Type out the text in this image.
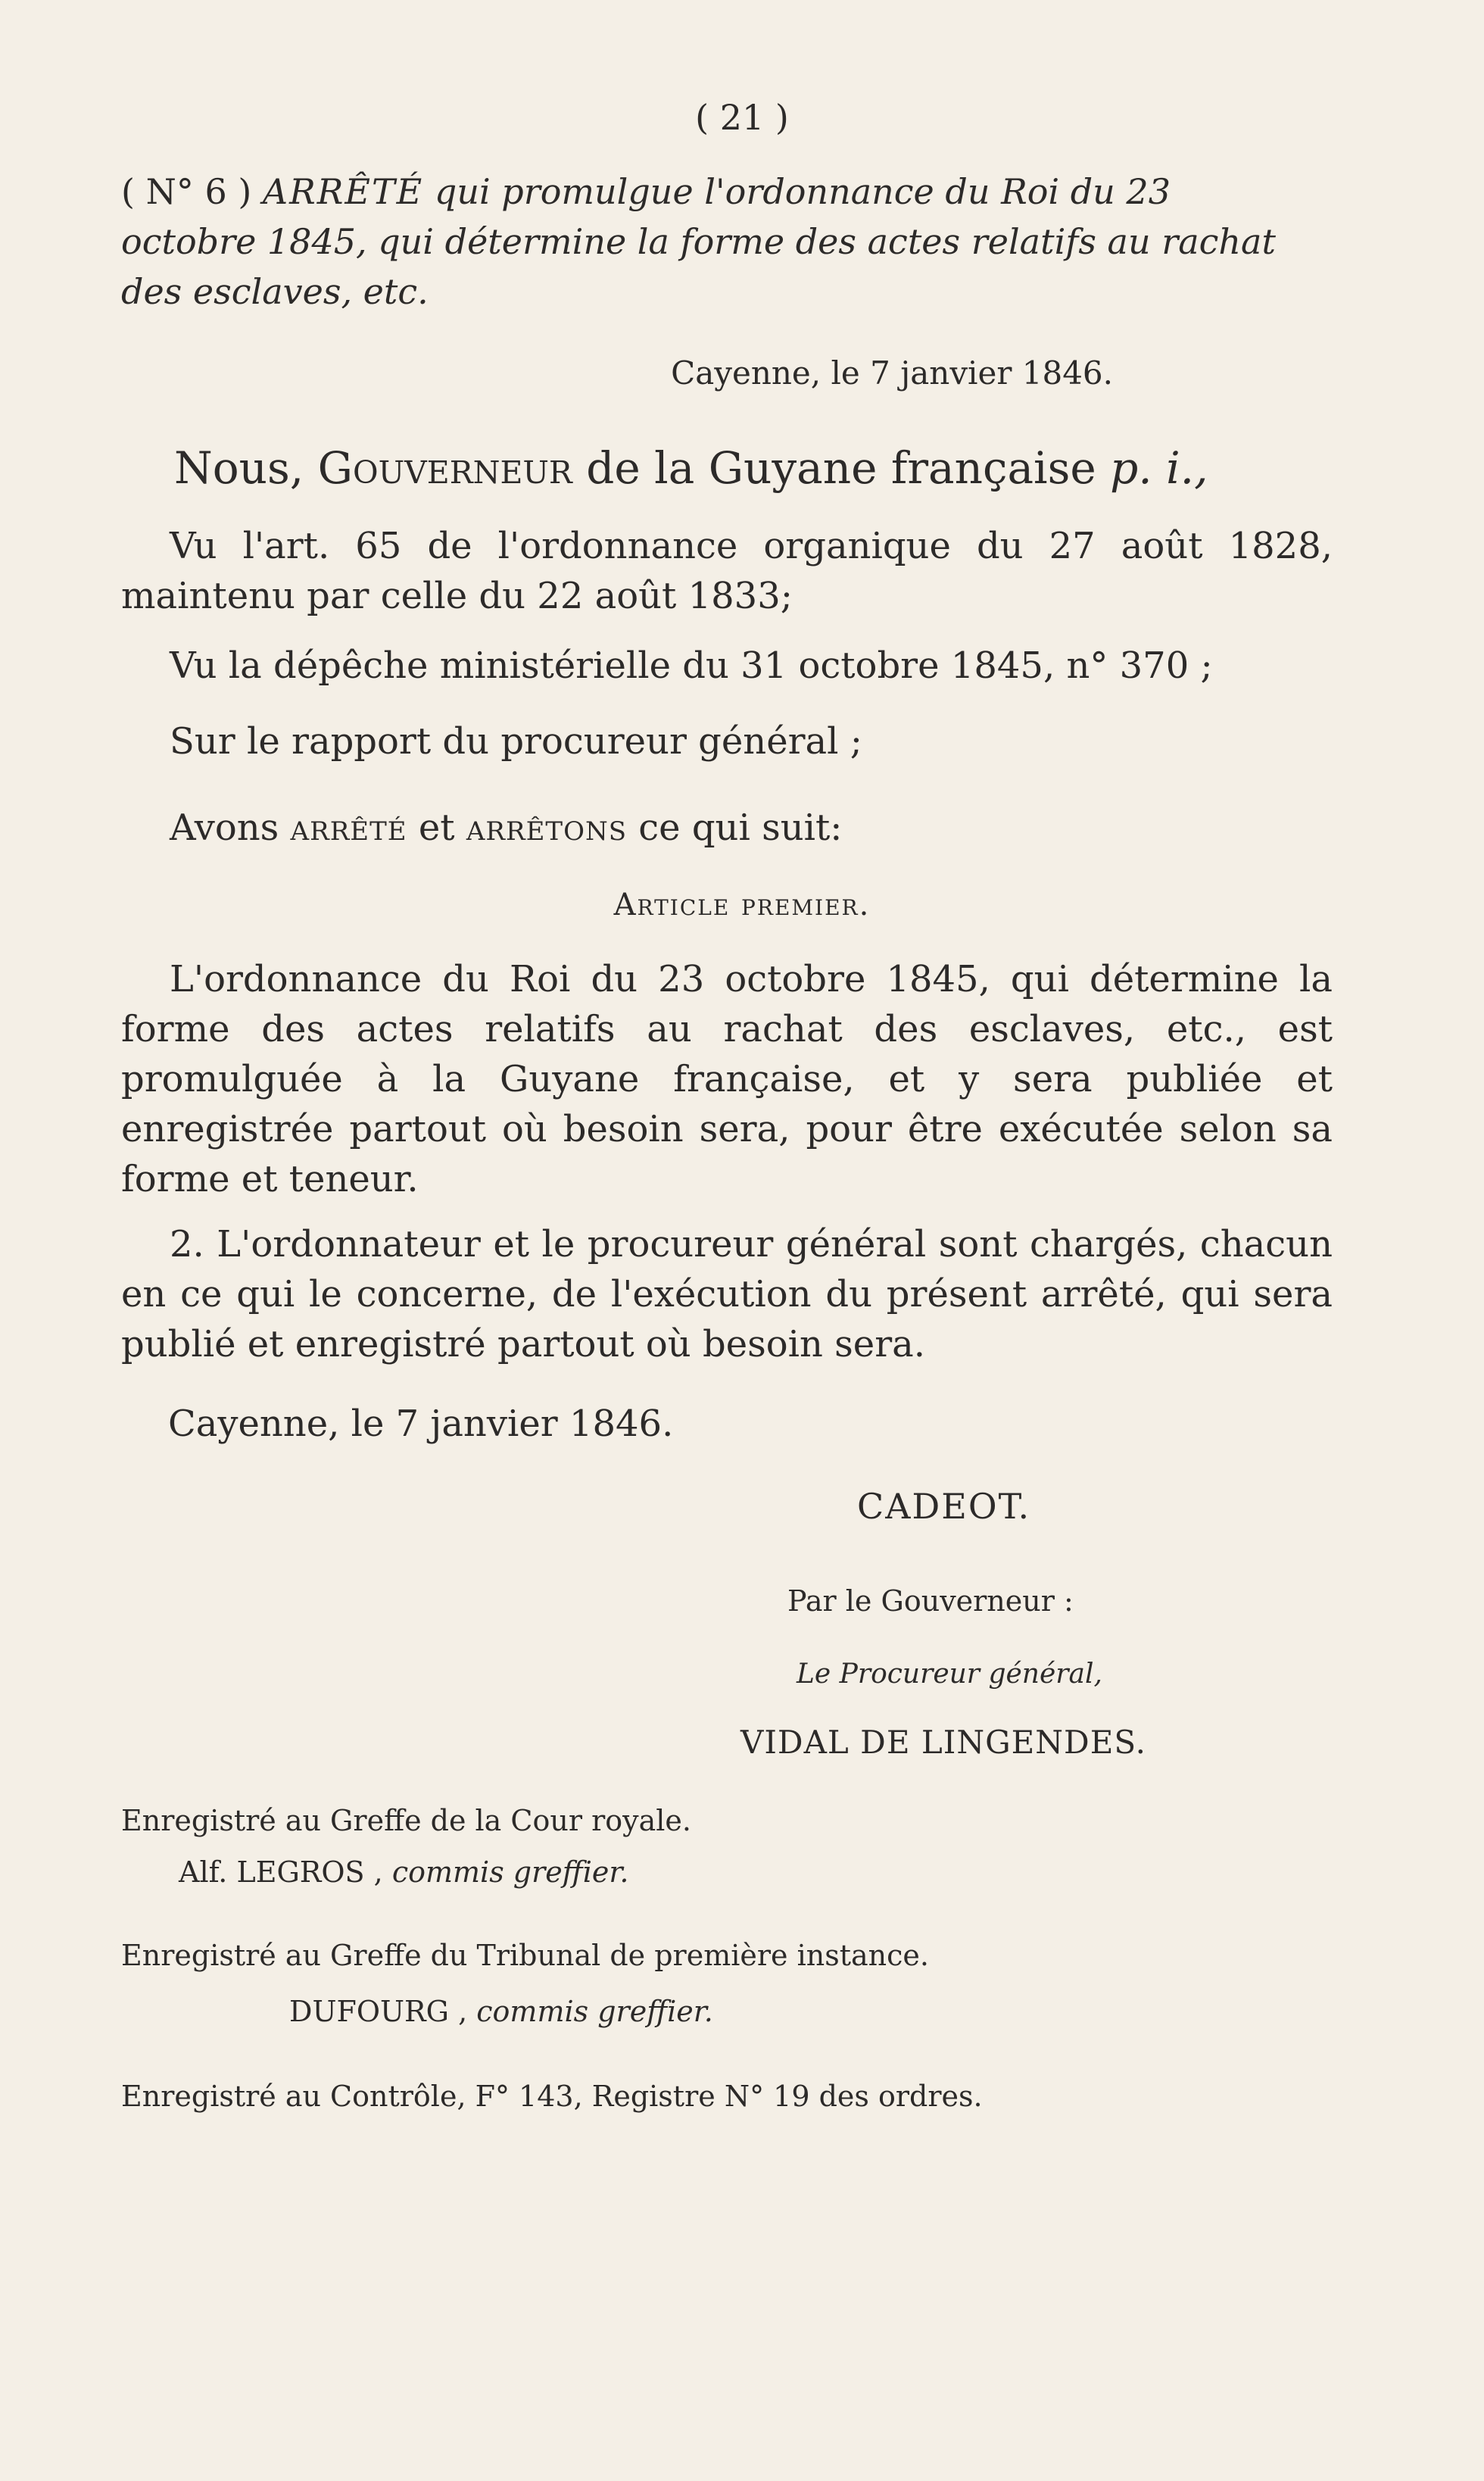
( 21 )
( N° 6 ) ARRÊTÉ qui promulgue l'ordonnance du Roi du 23 octobre 1845, qui détermine la forme des actes relatifs au rachat des esclaves, etc.
Cayenne, le 7 janvier 1846.
Nous, Gouverneur de la Guyane française p. i.,
Vu l'art. 65 de l'ordonnance organique du 27 août 1828, maintenu par celle du 22 août 1833;
Vu la dépêche ministérielle du 31 octobre 1845, n° 370 ;
Sur le rapport du procureur général ;
Avons arrêté et arrêtons ce qui suit:
Article premier.
L'ordonnance du Roi du 23 octobre 1845, qui détermine la forme des actes relatifs au rachat des esclaves, etc., est promulguée à la Guyane française, et y sera publiée et enregistrée partout où besoin sera, pour être exécutée selon sa forme et teneur.
2. L'ordonnateur et le procureur général sont chargés, chacun en ce qui le concerne, de l'exécution du présent arrêté, qui sera publié et enregistré partout où besoin sera.
Cayenne, le 7 janvier 1846.
CADEOT.
Par le Gouverneur :
Le Procureur général,
VIDAL DE LINGENDES.
Enregistré au Greffe de la Cour royale.
Alf. LEGROS , commis greffier.
Enregistré au Greffe du Tribunal de première instance.
DUFOURG , commis greffier.
Enregistré au Contrôle, F° 143, Registre N° 19 des ordres.
